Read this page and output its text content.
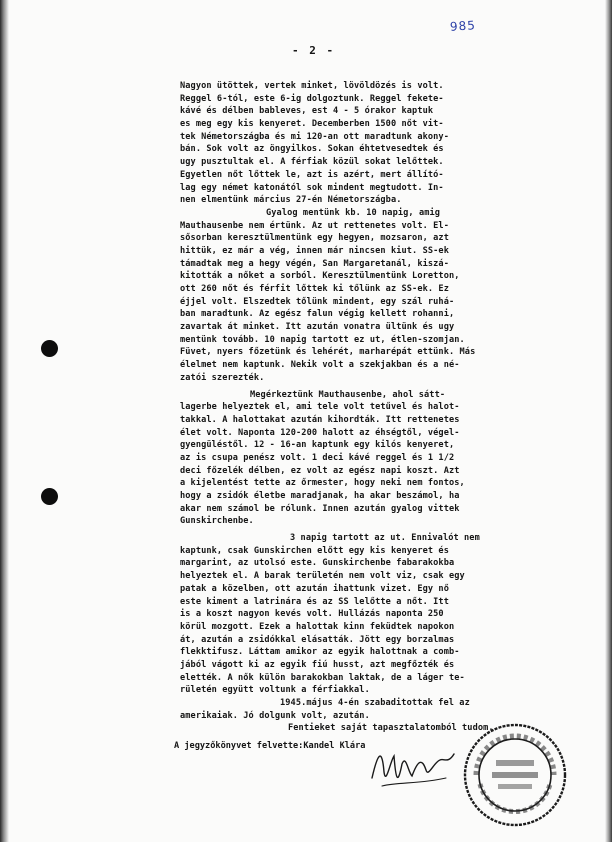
985
- 2 -
Nagyon ütöttek, vertek minket, lövöldözés is volt.
Reggel 6-tól, este 6-ig dolgoztunk. Reggel fekete-
kávé és délben bableves, est 4 - 5 órakor kaptuk
es meg egy kis kenyeret. Decemberben 1500 nőt vit-
tek Németországba és mi 120-an ott maradtunk akony-
bán. Sok volt az öngyilkos. Sokan éhtetvesedtek és
ugy pusztultak el. A férfiak közül sokat lelőttek.
Egyetlen nőt lőttek le, azt is azért, mert állító-
lag egy német katonától sok mindent megtudott. In-
nen elmentünk március 27-én Németországba.
Gyalog mentünk kb. 10 napig, amig
Mauthausenbe nem értünk. Az ut rettenetes volt. El-
sősorban keresztülmentünk egy hegyen, mozsaron, azt
hittük, ez már a vég, innen már nincsen kiut. SS-ek
támadtak meg a hegy végén, San Margaretanál, kiszá-
kitották a nőket a sorból. Keresztülmentünk Loretton,
ott 260 nőt és férfit lőttek ki tőlünk az SS-ek. Ez
éjjel volt. Elszedtek tőlünk mindent, egy szál ruhá-
ban maradtunk. Az egész falun végig kellett rohanni,
zavartak át minket. Itt azután vonatra ültünk és ugy
mentünk tovább. 10 napig tartott ez ut, étlen-szomjan.
Füvet, nyers főzetünk és lehérét, marharépát ettünk. Más
élelmet nem kaptunk. Nekik volt a szekjakban és a né-
zatói szerezték.
Megérkeztünk Mauthausenbe, ahol sátt-
lagerbe helyeztek el, ami tele volt tetűvel és halot-
takkal. A halottakat azután kihordták. Itt rettenetes
élet volt. Naponta 120-200 halott az éhségtől, végel-
gyengüléstől. 12 - 16-an kaptunk egy kilós kenyeret,
az is csupa penész volt. 1 deci kávé reggel és 1 1/2
deci főzelék délben, ez volt az egész napi koszt. Azt
a kijelentést tette az őrmester, hogy neki nem fontos,
hogy a zsidók életbe maradjanak, ha akar beszámol, ha
akar nem számol be rólunk. Innen azután gyalog vittek
Gunskirchenbe.
3 napig tartott az ut. Ennivalót nem
kaptunk, csak Gunskirchen előtt egy kis kenyeret és
margarint, az utolsó este. Gunskirchenbe fabarakokba
helyeztek el. A barak területén nem volt viz, csak egy
patak a közelben, ott azután ihattunk vizet. Egy nő
este kiment a latrinára és az SS lelőtte a nőt. Itt
is a koszt nagyon kevés volt. Hullázás naponta 250
körül mozgott. Ezek a halottak kinn feküdtek napokon
át, azután a zsidókkal elásatták. Jött egy borzalmas
flekktifusz. Láttam amikor az egyik halottnak a comb-
jából vágott ki az egyik fiú husst, azt megfőzték és
elették. A nők külön barakokban laktak, de a láger te-
rületén együtt voltunk a férfiakkal.
1945.május 4-én szabaditottak fel az
amerikaiak. Jó dolgunk volt, azután.
Fentieket saját tapasztalatomból tudom.
A jegyzőkönyvet felvette:Kandel Klára
